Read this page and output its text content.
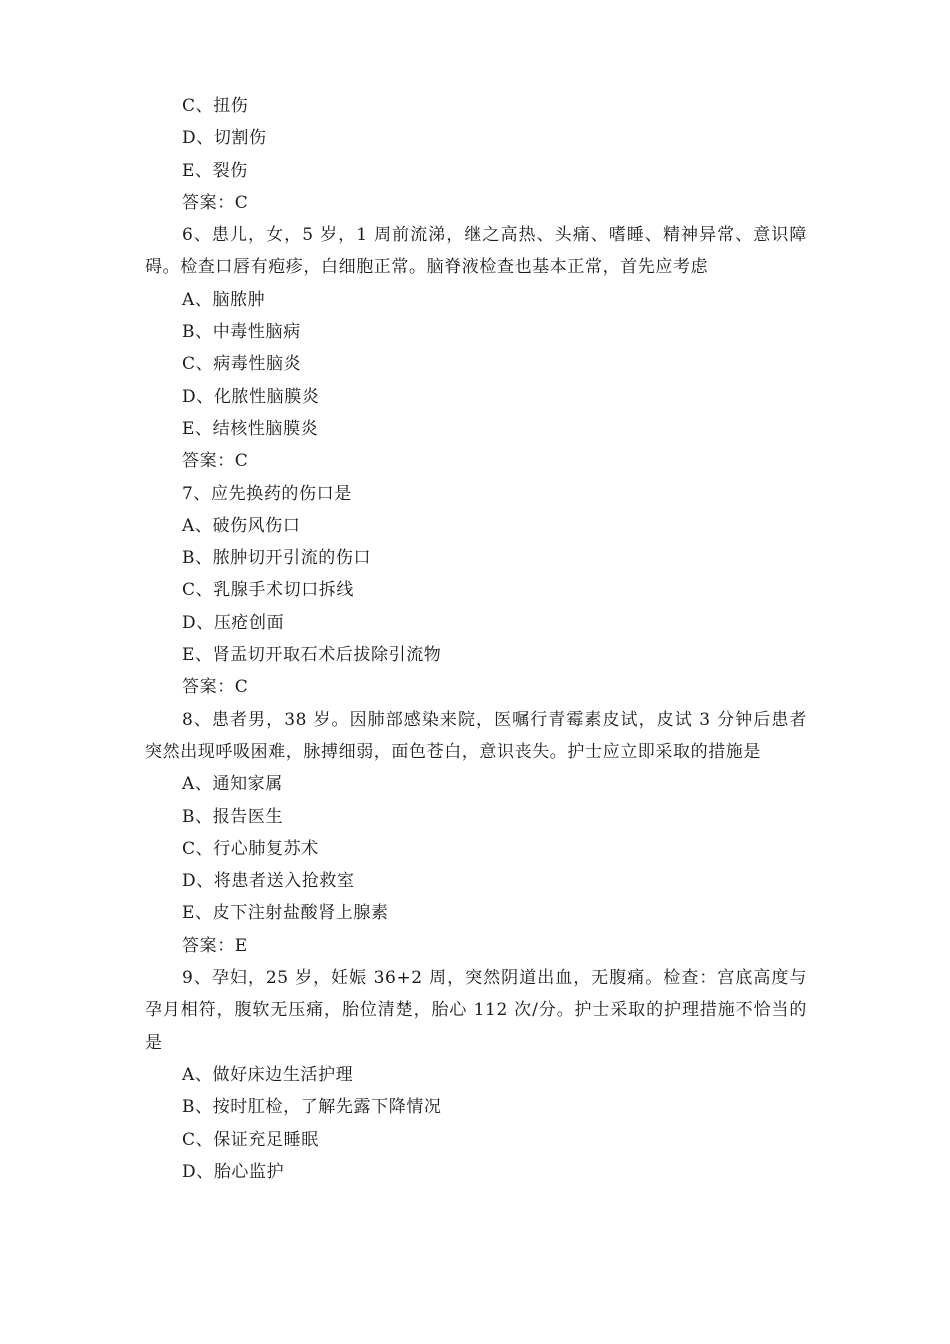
C、扭伤
D、切割伤
E、裂伤
答案：C
6、患儿，女，5 岁，1 周前流涕，继之高热、头痛、嗜睡、精神异常、意识障碍。检查口唇有疱疹，白细胞正常。脑脊液检查也基本正常，首先应考虑
A、脑脓肿
B、中毒性脑病
C、病毒性脑炎
D、化脓性脑膜炎
E、结核性脑膜炎
答案：C
7、应先换药的伤口是
A、破伤风伤口
B、脓肿切开引流的伤口
C、乳腺手术切口拆线
D、压疮创面
E、肾盂切开取石术后拔除引流物
答案：C
8、患者男，38 岁。因肺部感染来院，医嘱行青霉素皮试，皮试 3 分钟后患者突然出现呼吸困难，脉搏细弱，面色苍白，意识丧失。护士应立即采取的措施是
A、通知家属
B、报告医生
C、行心肺复苏术
D、将患者送入抢救室
E、皮下注射盐酸肾上腺素
答案：E
9、孕妇，25 岁，妊娠 36+2 周，突然阴道出血，无腹痛。检查：宫底高度与孕月相符，腹软无压痛，胎位清楚，胎心 112 次/分。护士采取的护理措施不恰当的是
A、做好床边生活护理
B、按时肛检，了解先露下降情况
C、保证充足睡眠
D、胎心监护
